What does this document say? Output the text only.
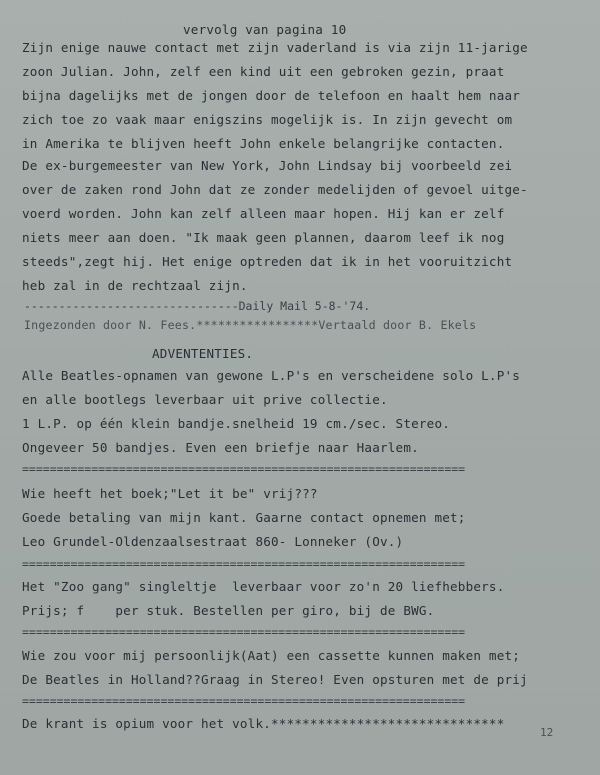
vervolg van pagina 10
Zijn enige nauwe contact met zijn vaderland is via zijn 11-jarige
zoon Julian. John, zelf een kind uit een gebroken gezin, praat
bijna dagelijks met de jongen door de telefoon en haalt hem naar
zich toe zo vaak maar enigszins mogelijk is. In zijn gevecht om
in Amerika te blijven heeft John enkele belangrijke contacten.
De ex-burgemeester van New York, John Lindsay bij voorbeeld zei
over de zaken rond John dat ze zonder medelijden of gevoel uitge-
voerd worden. John kan zelf alleen maar hopen. Hij kan er zelf
niets meer aan doen. "Ik maak geen plannen, daarom leef ik nog
steeds",zegt hij. Het enige optreden dat ik in het vooruitzicht
heb zal in de rechtzaal zijn.
-------------------------------Daily Mail 5-8-'74.
Ingezonden door N. Fees.*****************Vertaald door B. Ekels
ADVENTENTIES.
Alle Beatles-opnamen van gewone L.P's en verscheidene solo L.P's
en alle bootlegs leverbaar uit prive collectie.
1 L.P. op één klein bandje.snelheid 19 cm./sec. Stereo.
Ongeveer 50 bandjes. Even een briefje naar Haarlem.
================================================================
Wie heeft het boek;"Let it be" vrij???
Goede betaling van mijn kant. Gaarne contact opnemen met;
Leo Grundel-Oldenzaalsestraat 860- Lonneker (Ov.)
================================================================
Het "Zoo gang" singleltje  leverbaar voor zo'n 20 liefhebbers.
Prijs; f    per stuk. Bestellen per giro, bij de BWG.
================================================================
Wie zou voor mij persoonlijk(Aat) een cassette kunnen maken met;
De Beatles in Holland??Graag in Stereo! Even opsturen met de prij
================================================================
De krant is opium voor het volk.******************************
12
